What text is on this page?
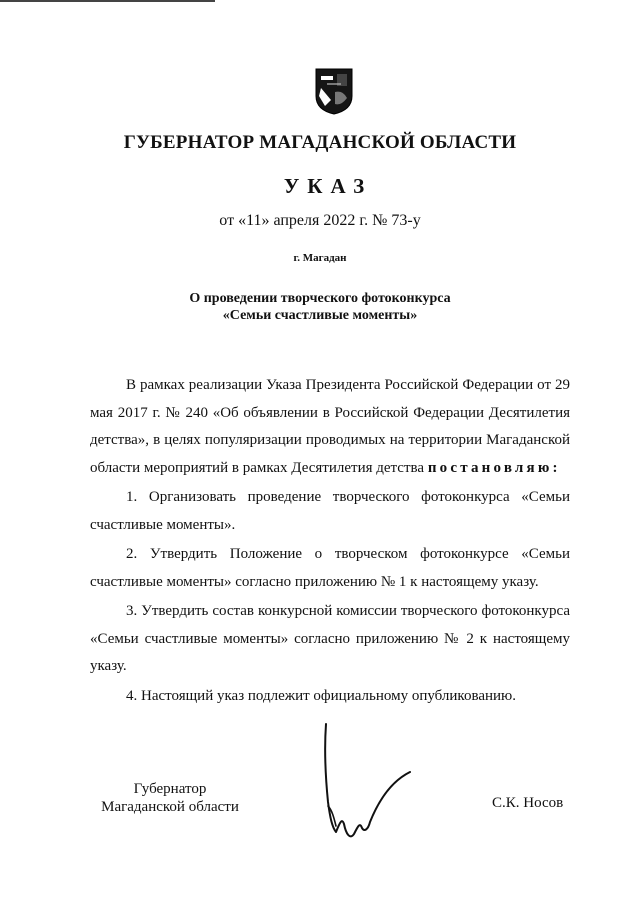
ГУБЕРНАТОР МАГАДАНСКОЙ ОБЛАСТИ
УКАЗ
от «11» апреля 2022 г. № 73-у
г. Магадан
О проведении творческого фотоконкурса
«Семьи счастливые моменты»

В рамках реализации Указа Президента Российской Федерации от 29 мая 2017 г. № 240 «Об объявлении в Российской Федерации Десятилетия детства», в целях популяризации проводимых на территории Магаданской области мероприятий в рамках Десятилетия детства постановляю:

1. Организовать проведение творческого фотоконкурса «Семьи счастливые моменты».

2. Утвердить Положение о творческом фотоконкурсе «Семьи счастливые моменты» согласно приложению № 1 к настоящему указу.

3. Утвердить состав конкурсной комиссии творческого фотоконкурса «Семьи счастливые моменты» согласно приложению № 2 к настоящему указу.

4. Настоящий указ подлежит официальному опубликованию.

Губернатор
Магаданской области	С.К. Носов
